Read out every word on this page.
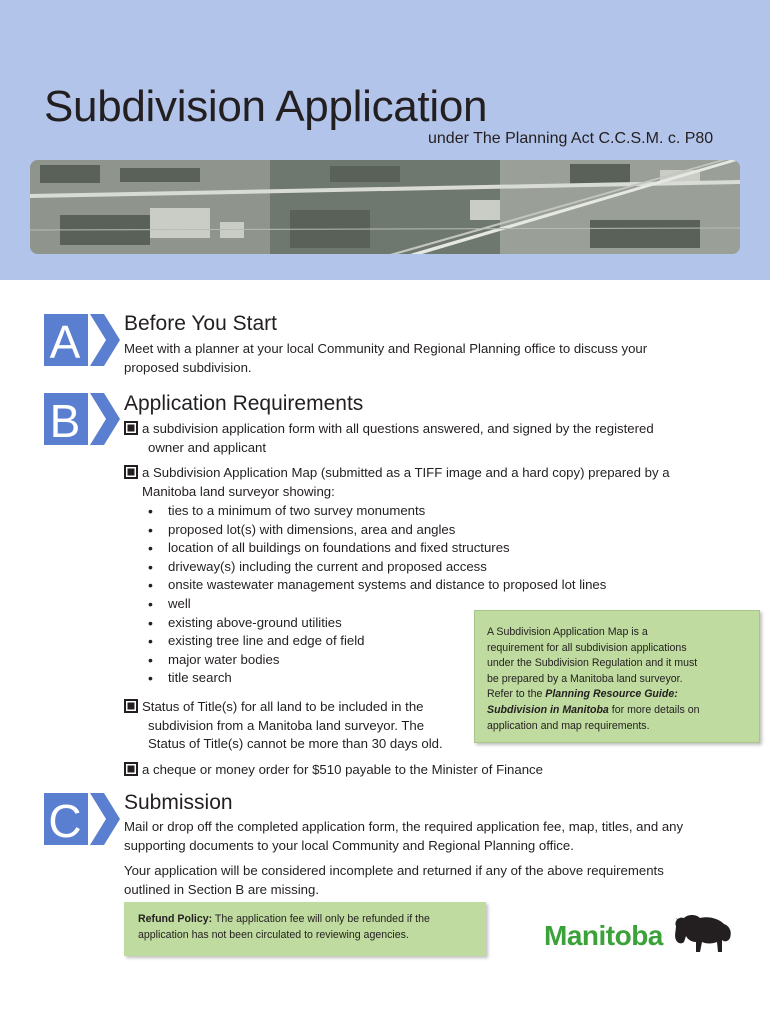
Subdivision Application
under The Planning Act C.C.S.M. c. P80
A Before You Start
Meet with a planner at your local Community and Regional Planning office to discuss your
proposed subdivision.
B Application Requirements
a subdivision application form with all questions answered, and signed by the registered
owner and applicant
a Subdivision Application Map (submitted as a TIFF image and a hard copy) prepared by a
Manitoba land surveyor showing:
• ties to a minimum of two survey monuments
• proposed lot(s) with dimensions, area and angles
• location of all buildings on foundations and fixed structures
• driveway(s) including the current and proposed access
• onsite wastewater management systems and distance to proposed lot lines
• well
• existing above-ground utilities
• existing tree line and edge of field
• major water bodies
• title search
A Subdivision Application Map is a
requirement for all subdivision applications
under the Subdivision Regulation and it must
be prepared by a Manitoba land surveyor.
Refer to the Planning Resource Guide:
Subdivision in Manitoba for more details on
application and map requirements.
Status of Title(s) for all land to be included in the
subdivision from a Manitoba land surveyor. The
Status of Title(s) cannot be more than 30 days old.
a cheque or money order for $510 payable to the Minister of Finance
C Submission
Mail or drop off the completed application form, the required application fee, map, titles, and any
supporting documents to your local Community and Regional Planning office.
Your application will be considered incomplete and returned if any of the above requirements
outlined in Section B are missing.
Refund Policy: The application fee will only be refunded if the
application has not been circulated to reviewing agencies.	Manitoba
